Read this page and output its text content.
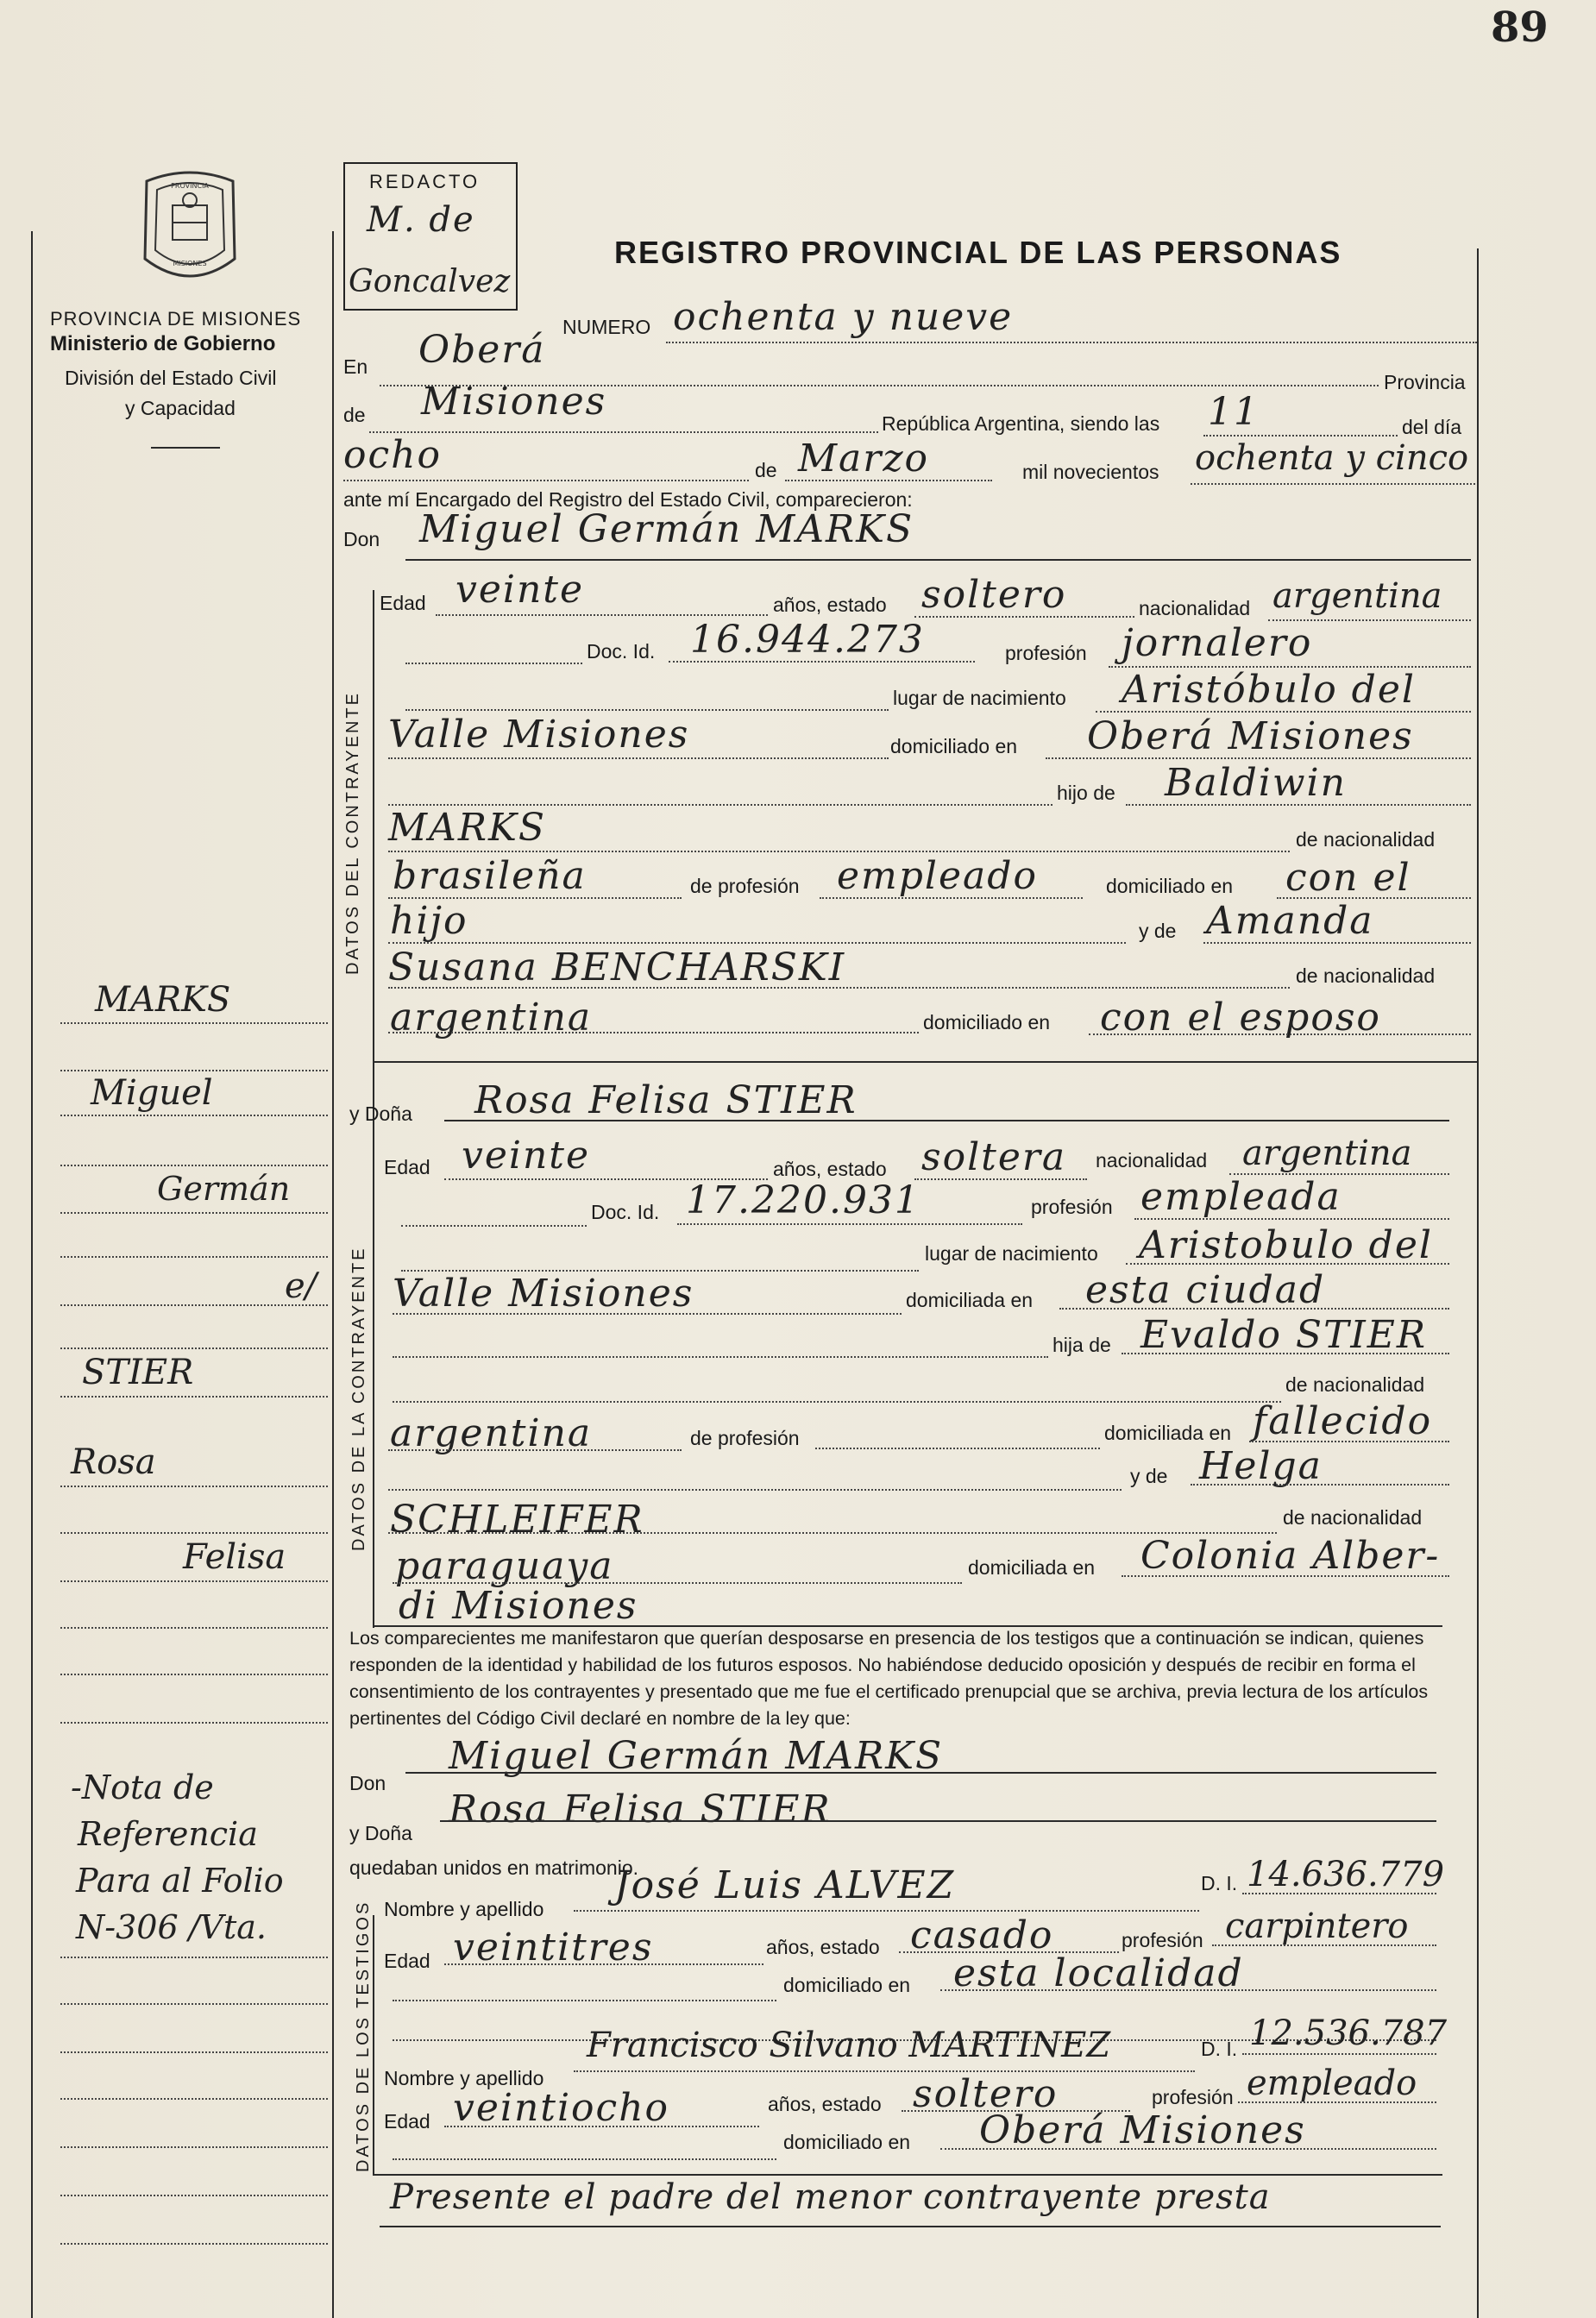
89
PROVINCIA
MISIONES
PROVINCIA DE MISIONES
Ministerio de Gobierno
División del Estado Civil
y Capacidad
REDACTO
M. de
Goncalvez
REGISTRO PROVINCIAL DE LAS PERSONAS
NUMERO ochenta y nueve
En Oberá
Provincia
de Misiones	República Argentina, siendo las 11	del día
ocho	de Marzo	mil novecientos ochenta y cinco
ante mí Encargado del Registro del Estado Civil, comparecieron:
Don Miguel Germán MARKS
DATOS DEL CONTRAYENTE
Edad veinte	años, estado soltero	nacionalidad argentina
Doc. Id. 16.944.273	profesión jornalero
lugar de nacimiento Aristóbulo del
Valle Misiones	domiciliado en Oberá Misiones
hijo de Baldiwin
MARKS	de nacionalidad
brasileña	de profesión empleado	domiciliado en con el
hijo	y de Amanda
Susana BENCHARSKI	de nacionalidad
argentina	domiciliado en con el esposo
y Doña Rosa Felisa STIER
DATOS DE LA CONTRAYENTE
Edad veinte	años, estado soltera nacionalidad argentina
Doc. Id. 17.220.931	profesión empleada
lugar de nacimiento Aristobulo del
Valle Misiones	domiciliada en esta ciudad
hija de Evaldo STIER
de nacionalidad
argentina	de profesión	domiciliada en fallecido
y de Helga
SCHLEIFER	de nacionalidad
paraguaya	domiciliada en Colonia Alber-
di Misiones
Los comparecientes me manifestaron que querían desposarse en presencia de los testigos que a continuación se indican, quienes responden de la identidad y habilidad de los futuros esposos. No habiéndose deducido oposición y después de recibir en forma el consentimiento de los contrayentes y presentado que me fue el certificado prenupcial que se archiva, previa lectura de los artículos pertinentes del Código Civil declaré en nombre de la ley que:
Don
Miguel Germán MARKS
y Doña
Rosa Felisa STIER
quedaban unidos en matrimonio.
DATOS DE LOS TESTIGOS Nombre y apellido
José Luis ALVEZ	D. I. 14.636.779
Edad veintitres	años, estado casado	profesión carpintero
domiciliado en esta localidad
Nombre y apellido
Francisco Silvano MARTINEZ	D. I. 12.536.787
Edad veintiocho	años, estado soltero	profesión empleado
domiciliado en Oberá Misiones
Presente el padre del menor contrayente presta
MARKS
Miguel
Germán
e/
STIER
Rosa
Felisa
-Nota de
Referencia
Para al Folio
N-306 /Vta.
